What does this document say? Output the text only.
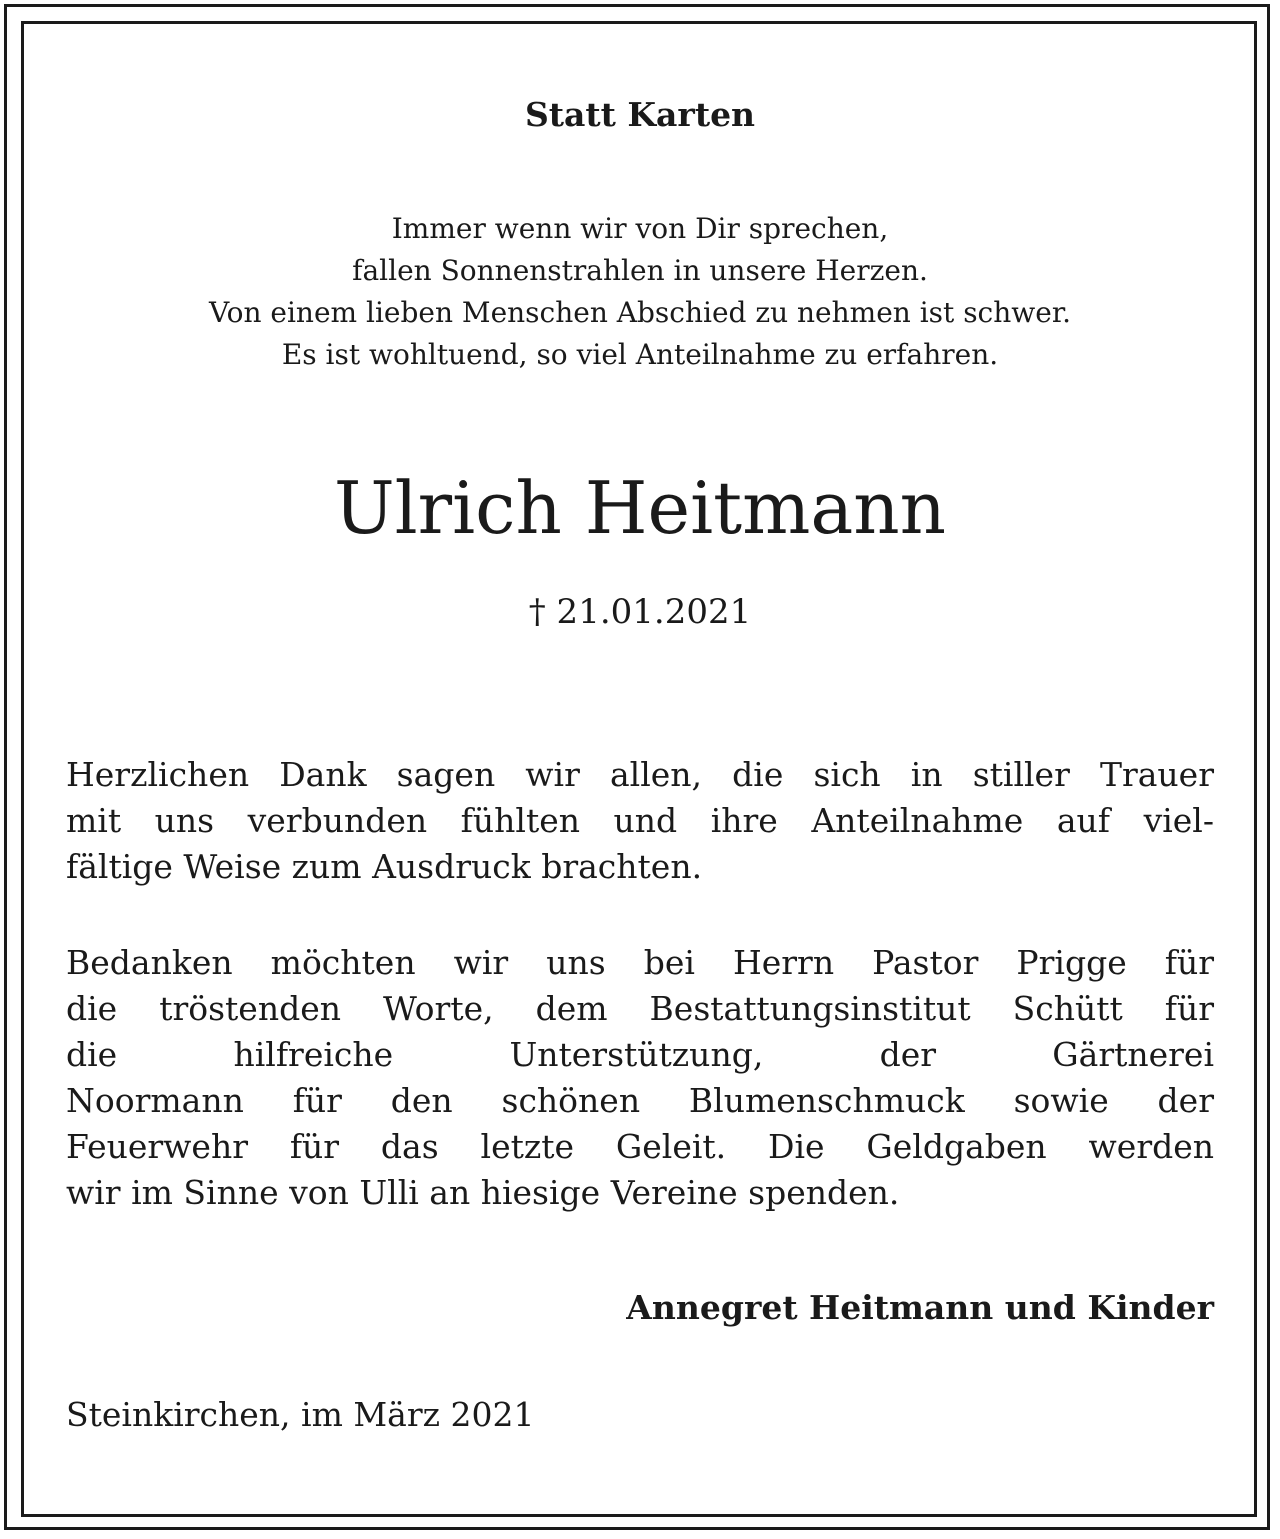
Statt Karten
Immer wenn wir von Dir sprechen,
fallen Sonnenstrahlen in unsere Herzen.
Von einem lieben Menschen Abschied zu nehmen ist schwer.
Es ist wohltuend, so viel Anteilnahme zu erfahren.
Ulrich Heitmann
† 21.01.2021
Herzlichen Dank sagen wir allen, die sich in stiller Trauer
mit uns verbunden fühlten und ihre Anteilnahme auf viel-
fältige Weise zum Ausdruck brachten.
Bedanken möchten wir uns bei Herrn Pastor Prigge für
die tröstenden Worte, dem Bestattungsinstitut Schütt für
die hilfreiche Unterstützung, der Gärtnerei
Noormann für den schönen Blumenschmuck sowie der
Feuerwehr für das letzte Geleit. Die Geldgaben werden
wir im Sinne von Ulli an hiesige Vereine spenden.
Annegret Heitmann und Kinder
Steinkirchen, im März 2021
